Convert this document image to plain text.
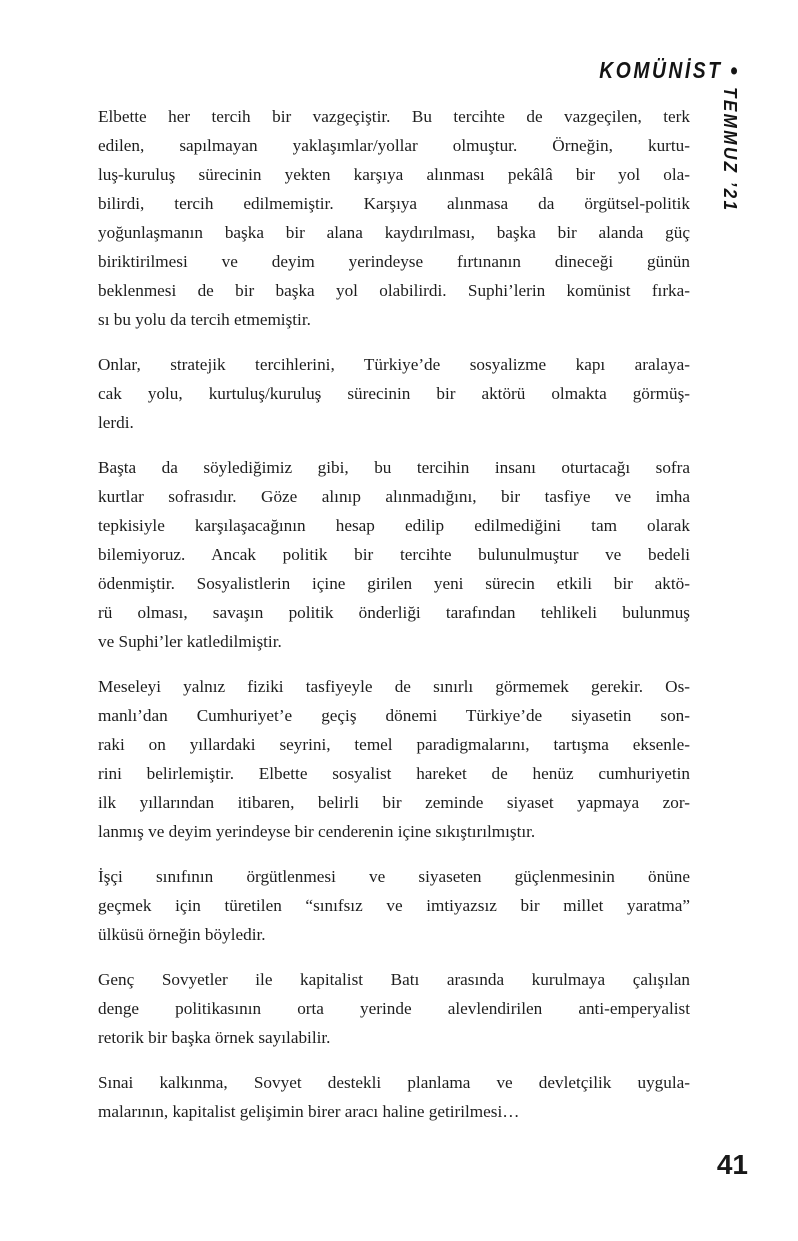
KOMÜNİST •
TEMMUZ ’21
Elbette her tercih bir vazgeçiştir. Bu tercihte de vazgeçilen, terk
edilen, sapılmayan yaklaşımlar/yollar olmuştur. Örneğin, kurtu-
luş-kuruluş sürecinin yekten karşıya alınması pekâlâ bir yol ola-
bilirdi, tercih edilmemiştir. Karşıya alınmasa da örgütsel-politik
yoğunlaşmanın başka bir alana kaydırılması, başka bir alanda güç
biriktirilmesi ve deyim yerindeyse fırtınanın dineceği günün
beklenmesi de bir başka yol olabilirdi. Suphi’lerin komünist fırka-
sı bu yolu da tercih etmemiştir.
Onlar, stratejik tercihlerini, Türkiye’de sosyalizme kapı aralaya-
cak yolu, kurtuluş/kuruluş sürecinin bir aktörü olmakta görmüş-
lerdi.
Başta da söylediğimiz gibi, bu tercihin insanı oturtacağı sofra
kurtlar sofrasıdır. Göze alınıp alınmadığını, bir tasfiye ve imha
tepkisiyle karşılaşacağının hesap edilip edilmediğini tam olarak
bilemiyoruz. Ancak politik bir tercihte bulunulmuştur ve bedeli
ödenmiştir. Sosyalistlerin içine girilen yeni sürecin etkili bir aktö-
rü olması, savaşın politik önderliği tarafından tehlikeli bulunmuş
ve Suphi’ler katledilmiştir.
Meseleyi yalnız fiziki tasfiyeyle de sınırlı görmemek gerekir. Os-
manlı’dan Cumhuriyet’e geçiş dönemi Türkiye’de siyasetin son-
raki on yıllardaki seyrini, temel paradigmalarını, tartışma eksenle-
rini belirlemiştir. Elbette sosyalist hareket de henüz cumhuriyetin
ilk yıllarından itibaren, belirli bir zeminde siyaset yapmaya zor-
lanmış ve deyim yerindeyse bir cenderenin içine sıkıştırılmıştır.
İşçi sınıfının örgütlenmesi ve siyaseten güçlenmesinin önüne
geçmek için türetilen “sınıfsız ve imtiyazsız bir millet yaratma”
ülküsü örneğin böyledir.
Genç Sovyetler ile kapitalist Batı arasında kurulmaya çalışılan
denge politikasının orta yerinde alevlendirilen anti-emperyalist
retorik bir başka örnek sayılabilir.
Sınai kalkınma, Sovyet destekli planlama ve devletçilik uygula-
malarının, kapitalist gelişimin birer aracı haline getirilmesi…
41
